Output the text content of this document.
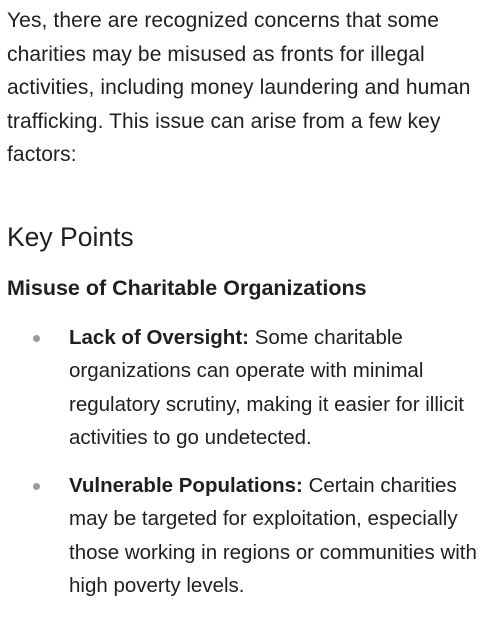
Yes, there are recognized concerns that some charities may be misused as fronts for illegal activities, including money laundering and human trafficking. This issue can arise from a few key factors:

Key Points
Misuse of Charitable Organizations
Lack of Oversight: Some charitable organizations can operate with minimal regulatory scrutiny, making it easier for illicit activities to go undetected.
Vulnerable Populations: Certain charities may be targeted for exploitation, especially those working in regions or communities with high poverty levels.
